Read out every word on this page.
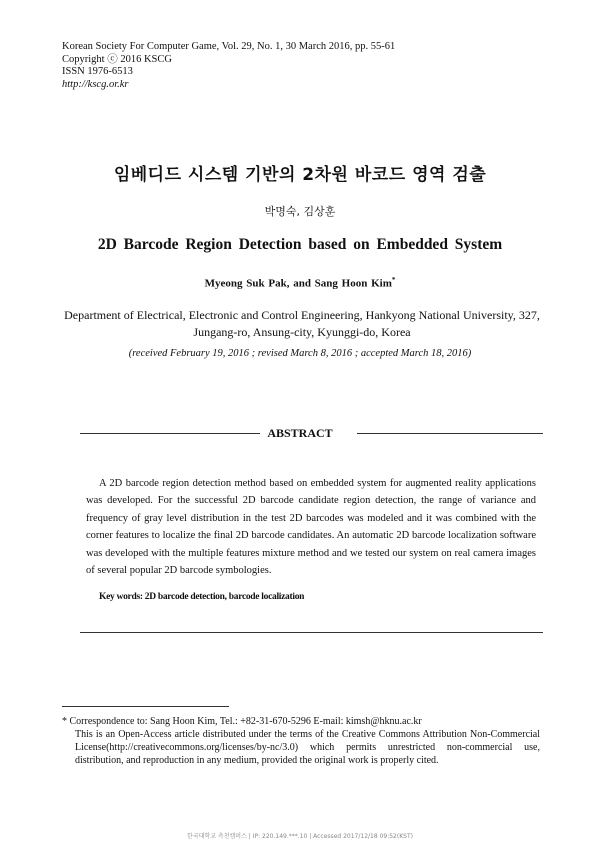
Korean Society For Computer Game, Vol. 29, No. 1, 30 March 2016, pp. 55-61
Copyright ⓒ 2016 KSCG
ISSN 1976-6513
http://kscg.or.kr
임베디드 시스템 기반의 2차원 바코드 영역 검출
박명숙, 김상훈
2D Barcode Region Detection based on Embedded System
Myeong Suk Pak, and Sang Hoon Kim*
Department of Electrical, Electronic and Control Engineering, Hankyong National University, 327,
Jungang-ro, Ansung-city, Kyunggi-do, Korea
(received February 19, 2016 ; revised March 8, 2016 ; accepted March 18, 2016)
ABSTRACT
A 2D barcode region detection method based on embedded system for augmented reality applications was developed. For the successful 2D barcode candidate region detection, the range of variance and frequency of gray level distribution in the test 2D barcodes was modeled and it was combined with the corner features to localize the final 2D barcode candidates. An automatic 2D barcode localization software was developed with the multiple features mixture method and we tested our system on real camera images of several popular 2D barcode symbologies.
Key words: 2D barcode detection, barcode localization
* Correspondence to: Sang Hoon Kim, Tel.: +82-31-670-5296 E-mail: kimsh@hknu.ac.kr
This is an Open-Access article distributed under the terms of the Creative Commons Attribution Non-Commercial License(http://creativecommons.org/licenses/by-nc/3.0) which permits unrestricted non-commercial use, distribution, and reproduction in any medium, provided the original work is properly cited.
한국대학교 측천캠퍼스 | IP: 220.149.***.10 | Accessed 2017/12/18 09:52(KST)
